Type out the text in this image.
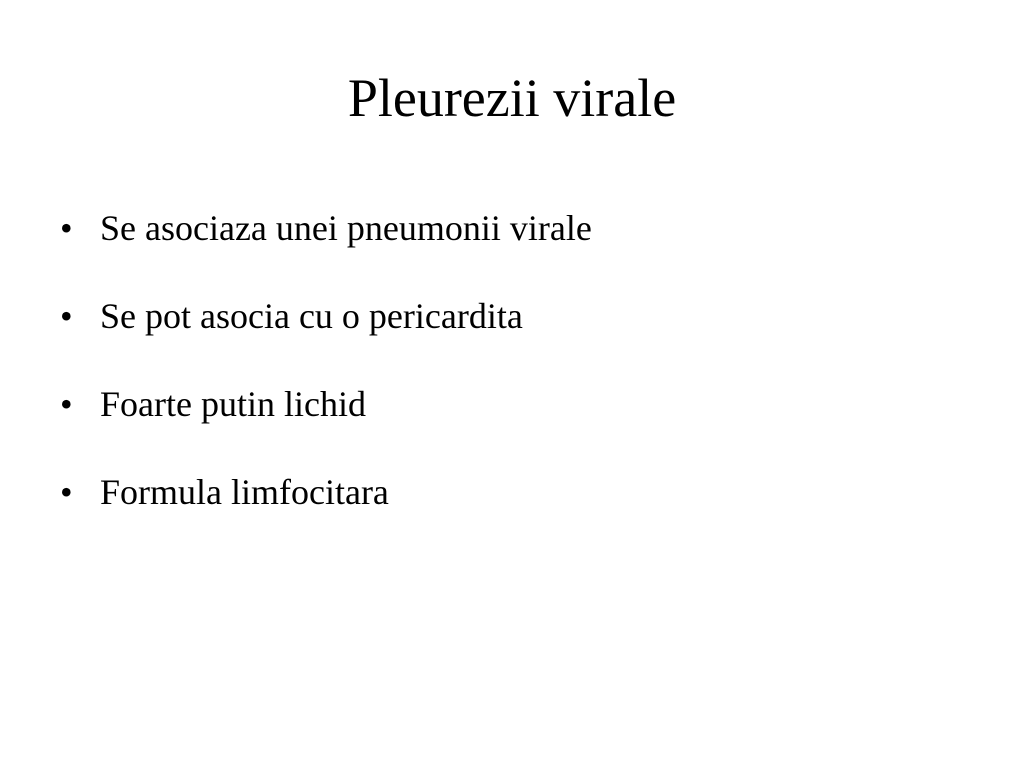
Pleurezii virale
• Se asociaza unei pneumonii virale
• Se pot asocia cu o pericardita
• Foarte putin lichid
• Formula limfocitara
